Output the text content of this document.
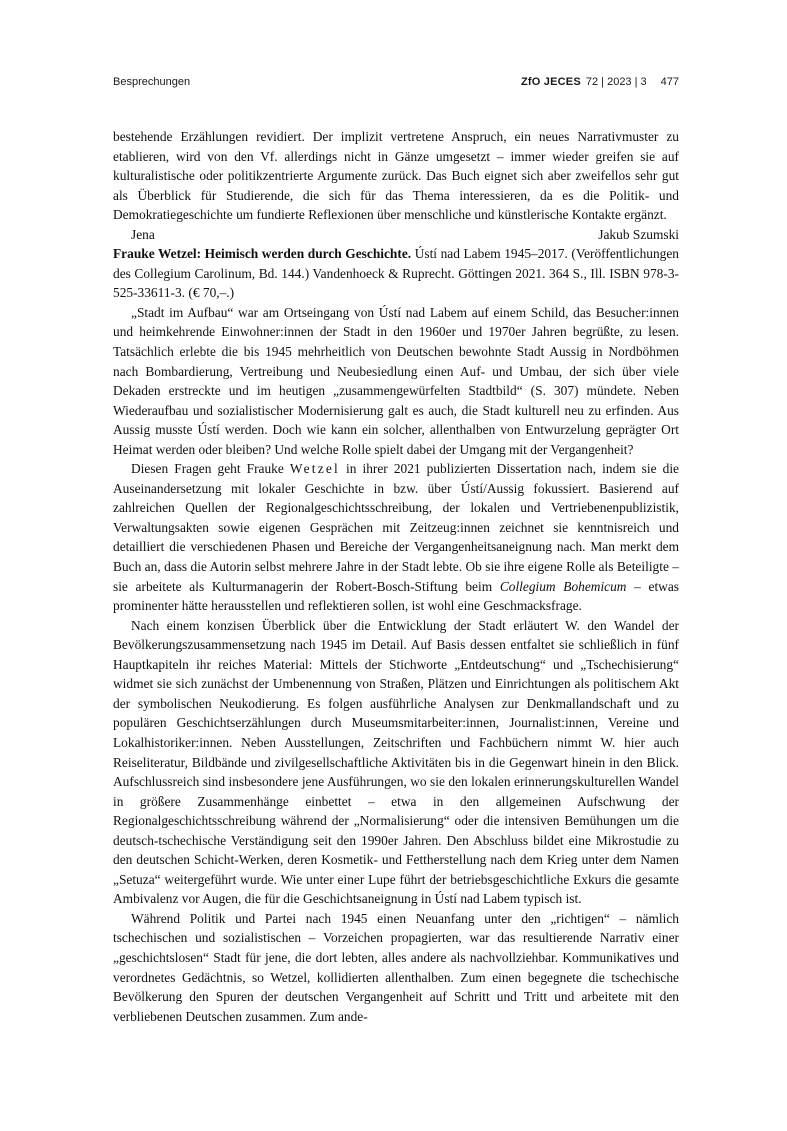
Besprechungen	ZfO JECES 72 | 2023 | 3 477

bestehende Erzählungen revidiert. Der implizit vertretene Anspruch, ein neues Narrativmuster zu etablieren, wird von den Vf. allerdings nicht in Gänze umgesetzt – immer wieder greifen sie auf kulturalistische oder politikzentrierte Argumente zurück. Das Buch eignet sich aber zweifellos sehr gut als Überblick für Studierende, die sich für das Thema interessieren, da es die Politik- und Demokratiegeschichte um fundierte Reflexionen über menschliche und künstlerische Kontakte ergänzt.

Jena	Jakub Szumski

Frauke Wetzel: Heimisch werden durch Geschichte. Ústí nad Labem 1945–2017. (Veröffentlichungen des Collegium Carolinum, Bd. 144.) Vandenhoeck & Ruprecht. Göttingen 2021. 364 S., Ill. ISBN 978-3-525-33611-3. (€ 70,–.)

„Stadt im Aufbau“ war am Ortseingang von Ústí nad Labem auf einem Schild, das Besucher:innen und heimkehrende Einwohner:innen der Stadt in den 1960er und 1970er Jahren begrüßte, zu lesen. Tatsächlich erlebte die bis 1945 mehrheitlich von Deutschen bewohnte Stadt Aussig in Nordböhmen nach Bombardierung, Vertreibung und Neubesiedlung einen Auf- und Umbau, der sich über viele Dekaden erstreckte und im heutigen „zusammengewürfelten Stadtbild“ (S. 307) mündete. Neben Wiederaufbau und sozialistischer Modernisierung galt es auch, die Stadt kulturell neu zu erfinden. Aus Aussig musste Ústí werden. Doch wie kann ein solcher, allenthalben von Entwurzelung geprägter Ort Heimat werden oder bleiben? Und welche Rolle spielt dabei der Umgang mit der Vergangenheit?

Diesen Fragen geht Frauke Wetzel in ihrer 2021 publizierten Dissertation nach, indem sie die Auseinandersetzung mit lokaler Geschichte in bzw. über Ústí/Aussig fokussiert. Basierend auf zahlreichen Quellen der Regionalgeschichtsschreibung, der lokalen und Vertriebenenpublizistik, Verwaltungsakten sowie eigenen Gesprächen mit Zeitzeug:innen zeichnet sie kenntnisreich und detailliert die verschiedenen Phasen und Bereiche der Vergangenheitsaneignung nach. Man merkt dem Buch an, dass die Autorin selbst mehrere Jahre in der Stadt lebte. Ob sie ihre eigene Rolle als Beteiligte – sie arbeitete als Kulturmanagerin der Robert-Bosch-Stiftung beim Collegium Bohemicum – etwas prominenter hätte herausstellen und reflektieren sollen, ist wohl eine Geschmacksfrage.

Nach einem konzisen Überblick über die Entwicklung der Stadt erläutert W. den Wandel der Bevölkerungszusammensetzung nach 1945 im Detail. Auf Basis dessen entfaltet sie schließlich in fünf Hauptkapiteln ihr reiches Material: Mittels der Stichworte „Entdeutschung“ und „Tschechisierung“ widmet sie sich zunächst der Umbenennung von Straßen, Plätzen und Einrichtungen als politischem Akt der symbolischen Neukodierung. Es folgen ausführliche Analysen zur Denkmallandschaft und zu populären Geschichtserzählungen durch Museumsmitarbeiter:innen, Journalist:innen, Vereine und Lokalhistoriker:innen. Neben Ausstellungen, Zeitschriften und Fachbüchern nimmt W. hier auch Reiseliteratur, Bildbände und zivilgesellschaftliche Aktivitäten bis in die Gegenwart hinein in den Blick. Aufschlussreich sind insbesondere jene Ausführungen, wo sie den lokalen erinnerungskulturellen Wandel in größere Zusammenhänge einbettet – etwa in den allgemeinen Aufschwung der Regionalgeschichtsschreibung während der „Normalisierung“ oder die intensiven Bemühungen um die deutsch-tschechische Verständigung seit den 1990er Jahren. Den Abschluss bildet eine Mikrostudie zu den deutschen Schicht-Werken, deren Kosmetik- und Fettherstellung nach dem Krieg unter dem Namen „Setuza“ weitergeführt wurde. Wie unter einer Lupe führt der betriebsgeschichtliche Exkurs die gesamte Ambivalenz vor Augen, die für die Geschichtsaneignung in Ústí nad Labem typisch ist.

Während Politik und Partei nach 1945 einen Neuanfang unter den „richtigen“ – nämlich tschechischen und sozialistischen – Vorzeichen propagierten, war das resultierende Narrativ einer „geschichtslosen“ Stadt für jene, die dort lebten, alles andere als nachvollziehbar. Kommunikatives und verordnetes Gedächtnis, so Wetzel, kollidierten allenthalben. Zum einen begegnete die tschechische Bevölkerung den Spuren der deutschen Vergangenheit auf Schritt und Tritt und arbeitete mit den verbliebenen Deutschen zusammen. Zum ande-
